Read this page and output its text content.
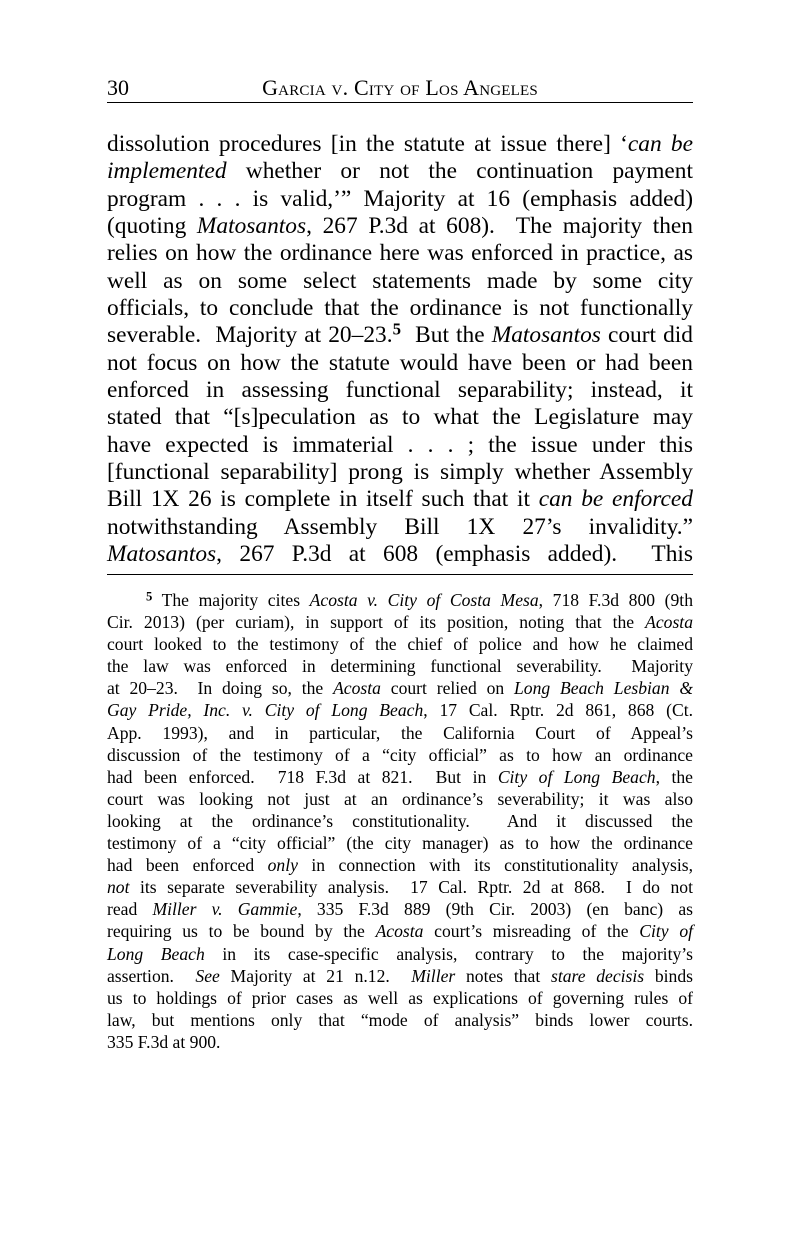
30	Garcia v. City of Los Angeles
dissolution procedures [in the statute at issue there] ‘can be
implemented whether or not the continuation payment
program . . . is valid,’” Majority at 16 (emphasis added)
(quoting Matosantos, 267 P.3d at 608).  The majority then
relies on how the ordinance here was enforced in practice, as
well as on some select statements made by some city
officials, to conclude that the ordinance is not functionally
severable.  Majority at 20–23.$^5$  But the Matosantos court did
not focus on how the statute would have been or had been
enforced in assessing functional separability; instead, it
stated that “[s]peculation as to what the Legislature may
have expected is immaterial . . . ; the issue under this
[functional separability] prong is simply whether Assembly
Bill 1X 26 is complete in itself such that it can be enforced
notwithstanding Assembly Bill 1X 27’s invalidity.”
Matosantos, 267 P.3d at 608 (emphasis added).  This
$^5$ The majority cites Acosta v. City of Costa Mesa, 718 F.3d 800 (9th
Cir. 2013) (per curiam), in support of its position, noting that the Acosta
court looked to the testimony of the chief of police and how he claimed
the law was enforced in determining functional severability.  Majority
at 20–23.  In doing so, the Acosta court relied on Long Beach Lesbian &
Gay Pride, Inc. v. City of Long Beach, 17 Cal. Rptr. 2d 861, 868 (Ct.
App. 1993), and in particular, the California Court of Appeal’s
discussion of the testimony of a “city official” as to how an ordinance
had been enforced.  718 F.3d at 821.  But in City of Long Beach, the
court was looking not just at an ordinance’s severability; it was also
looking at the ordinance’s constitutionality.  And it discussed the
testimony of a “city official” (the city manager) as to how the ordinance
had been enforced only in connection with its constitutionality analysis,
not its separate severability analysis.  17 Cal. Rptr. 2d at 868.  I do not
read Miller v. Gammie, 335 F.3d 889 (9th Cir. 2003) (en banc) as
requiring us to be bound by the Acosta court’s misreading of the City of
Long Beach in its case-specific analysis, contrary to the majority’s
assertion.  See Majority at 21 n.12.  Miller notes that stare decisis binds
us to holdings of prior cases as well as explications of governing rules of
law, but mentions only that “mode of analysis” binds lower courts.
335 F.3d at 900.
